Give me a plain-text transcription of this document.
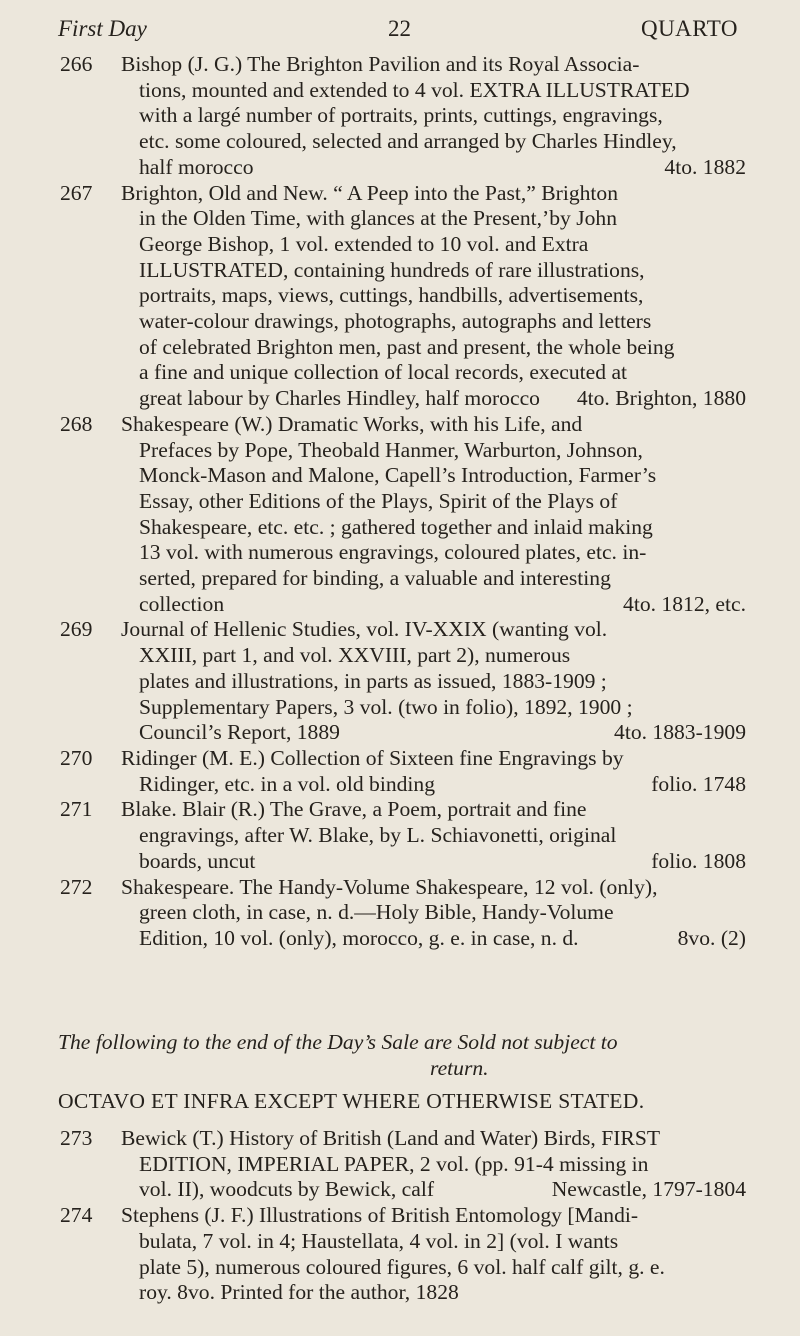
First Day	22	QUARTO
266 Bishop (J. G.) The Brighton Pavilion and its Royal Associa-
tions, mounted and extended to 4 vol. EXTRA ILLUSTRATED
with a largé number of portraits, prints, cuttings, engravings,
etc. some coloured, selected and arranged by Charles Hindley,
half morocco	4to. 1882
267 Brighton, Old and New. “ A Peep into the Past,” Brighton
in the Olden Time, with glances at the Present,’by John
George Bishop, 1 vol. extended to 10 vol. and Extra
ILLUSTRATED, containing hundreds of rare illustrations,
portraits, maps, views, cuttings, handbills, advertisements,
water-colour drawings, photographs, autographs and letters
of celebrated Brighton men, past and present, the whole being
a fine and unique collection of local records, executed at
great labour by Charles Hindley, half morocco 4to. Brighton, 1880
268 Shakespeare (W.) Dramatic Works, with his Life, and
Prefaces by Pope, Theobald Hanmer, Warburton, Johnson,
Monck-Mason and Malone, Capell’s Introduction, Farmer’s
Essay, other Editions of the Plays, Spirit of the Plays of
Shakespeare, etc. etc. ; gathered together and inlaid making
13 vol. with numerous engravings, coloured plates, etc. in-
serted, prepared for binding, a valuable and interesting
collection	4to. 1812, etc.
269 Journal of Hellenic Studies, vol. IV-XXIX (wanting vol.
XXIII, part 1, and vol. XXVIII, part 2), numerous
plates and illustrations, in parts as issued, 1883-1909 ;
Supplementary Papers, 3 vol. (two in folio), 1892, 1900 ;
Council’s Report, 1889	4to. 1883-1909
270 Ridinger (M. E.) Collection of Sixteen fine Engravings by
Ridinger, etc. in a vol. old binding	folio. 1748
271 Blake. Blair (R.) The Grave, a Poem, portrait and fine
engravings, after W. Blake, by L. Schiavonetti, original
boards, uncut	folio. 1808
272 Shakespeare. The Handy-Volume Shakespeare, 12 vol. (only),
green cloth, in case, n. d.—Holy Bible, Handy-Volume
Edition, 10 vol. (only), morocco, g. e. in case, n. d.	8vo. (2)
The following to the end of the Day’s Sale are Sold not subject to
return.
OCTAVO ET INFRA EXCEPT WHERE OTHERWISE STATED.
273 Bewick (T.) History of British (Land and Water) Birds, FIRST
EDITION, IMPERIAL PAPER, 2 vol. (pp. 91-4 missing in
vol. II), woodcuts by Bewick, calf	Newcastle, 1797-1804
274 Stephens (J. F.) Illustrations of British Entomology [Mandi-
bulata, 7 vol. in 4; Haustellata, 4 vol. in 2] (vol. I wants
plate 5), numerous coloured figures, 6 vol. half calf gilt, g. e.
roy. 8vo. Printed for the author, 1828
